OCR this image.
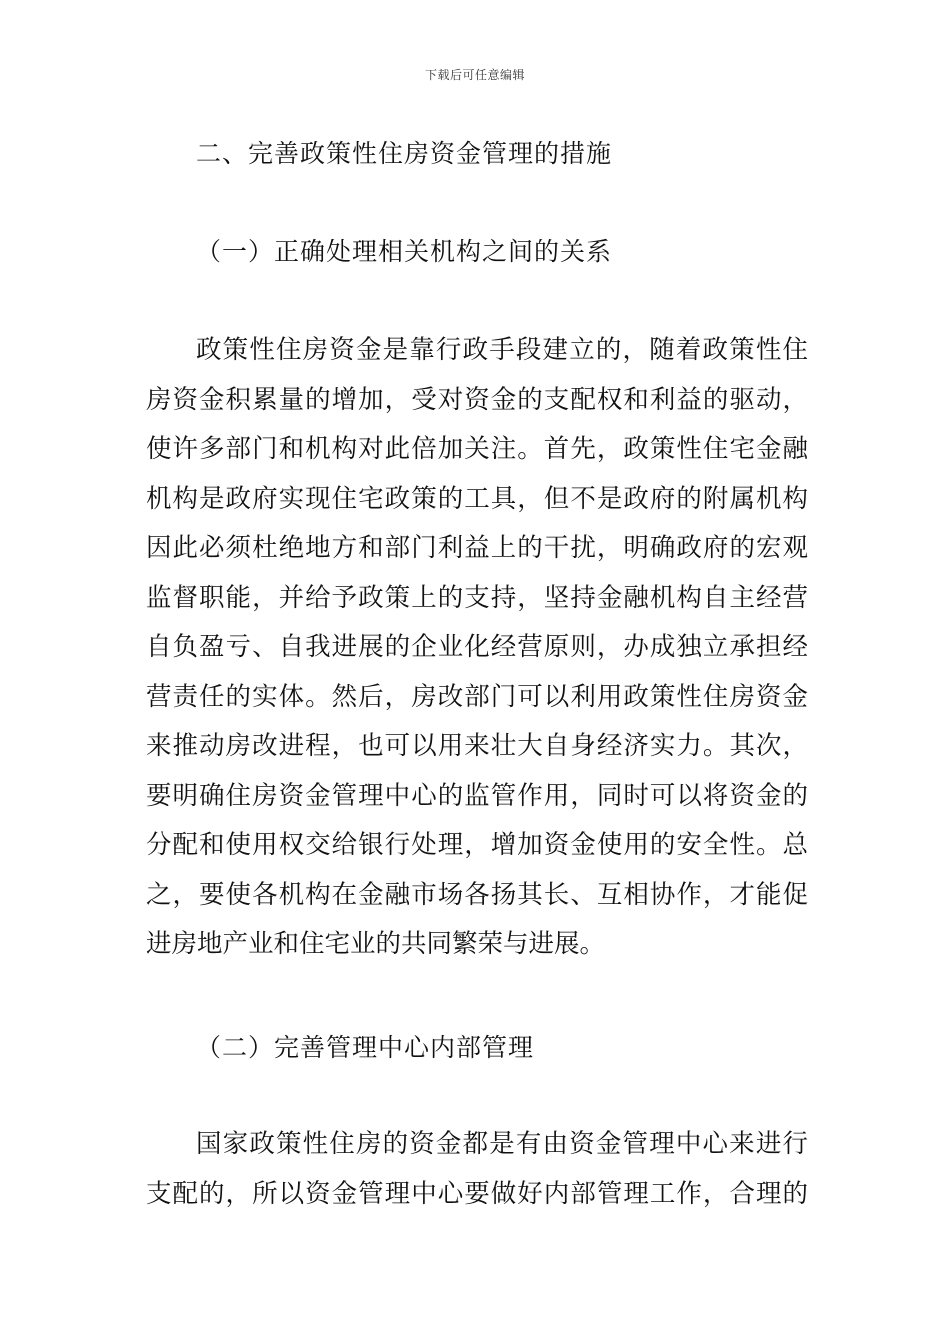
下载后可任意编辑
二、完善政策性住房资金管理的措施
（一）正确处理相关机构之间的关系
政策性住房资金是靠行政手段建立的，随着政策性住
房资金积累量的增加，受对资金的支配权和利益的驱动，
使许多部门和机构对此倍加关注。首先，政策性住宅金融
机构是政府实现住宅政策的工具，但不是政府的附属机构
因此必须杜绝地方和部门利益上的干扰，明确政府的宏观
监督职能，并给予政策上的支持，坚持金融机构自主经营
自负盈亏、自我进展的企业化经营原则，办成独立承担经
营责任的实体。然后，房改部门可以利用政策性住房资金
来推动房改进程，也可以用来壮大自身经济实力。其次，
要明确住房资金管理中心的监管作用，同时可以将资金的
分配和使用权交给银行处理，增加资金使用的安全性。总
之，要使各机构在金融市场各扬其长、互相协作，才能促
进房地产业和住宅业的共同繁荣与进展。
（二）完善管理中心内部管理
国家政策性住房的资金都是有由资金管理中心来进行
支配的，所以资金管理中心要做好内部管理工作，合理的
